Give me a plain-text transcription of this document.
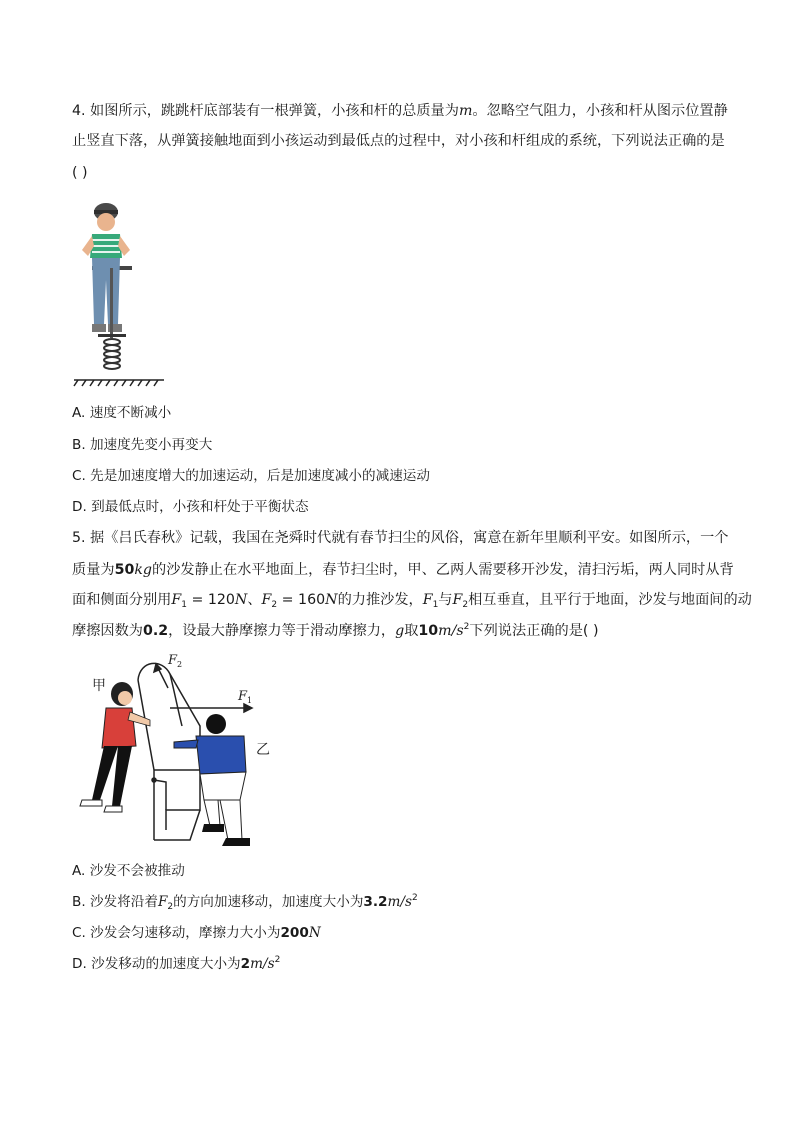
4. 如图所示，跳跳杆底部装有一根弹簧，小孩和杆的总质量为m。忽略空气阻力，小孩和杆从图示位置静
止竖直下落，从弹簧接触地面到小孩运动到最低点的过程中，对小孩和杆组成的系统，下列说法正确的是
( )
A. 速度不断减小
B. 加速度先变小再变大
C. 先是加速度增大的加速运动，后是加速度减小的减速运动
D. 到最低点时，小孩和杆处于平衡状态
5. 据《吕氏春秋》记载，我国在尧舜时代就有春节扫尘的风俗，寓意在新年里顺利平安。如图所示，一个
质量为50kg的沙发静止在水平地面上，春节扫尘时，甲、乙两人需要移开沙发，清扫污垢，两人同时从背
面和侧面分别用$F_1 = 120N$、$F_2 = 160N$的力推沙发，$F_1$与$F_2$相互垂直，且平行于地面，沙发与地面间的动
摩擦因数为0.2，设最大静摩擦力等于滑动摩擦力，g取$10m/s^2$下列说法正确的是( )
甲
乙
F 2
F 1
A. 沙发不会被推动
B. 沙发将沿着$F_2$的方向加速移动，加速度大小为$3.2m/s^2$
C. 沙发会匀速移动，摩擦力大小为200N
D. 沙发移动的加速度大小为$2m/s^2$
